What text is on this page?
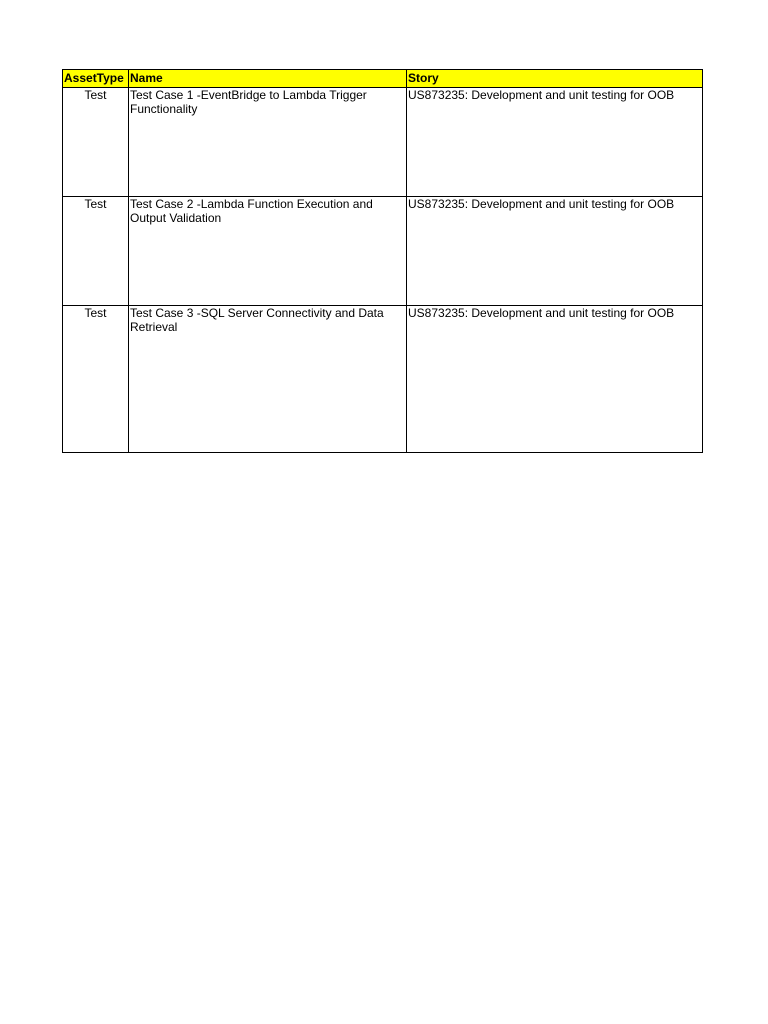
AssetType	Name	Story
Test	Test Case 1 -EventBridge to Lambda Trigger Functionality	US873235: Development and unit testing for OOB
Test	Test Case 2 -Lambda Function Execution and Output Validation	US873235: Development and unit testing for OOB
Test	Test Case 3 -SQL Server Connectivity and Data Retrieval	US873235: Development and unit testing for OOB
